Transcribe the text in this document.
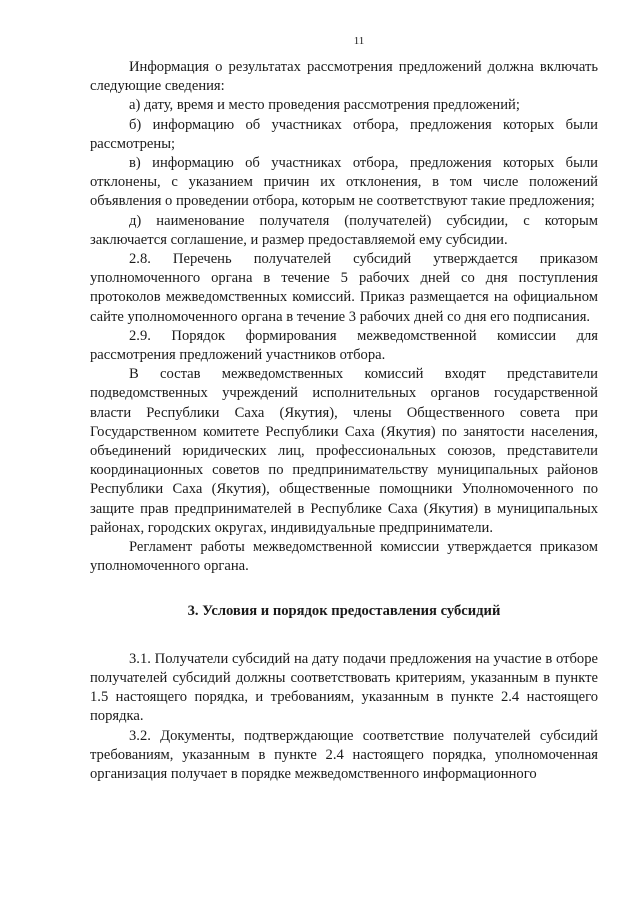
11

Информация о результатах рассмотрения предложений должна включать следующие сведения:

а) дату, время и место проведения рассмотрения предложений;

б) информацию об участниках отбора, предложения которых были рассмотрены;

в) информацию об участниках отбора, предложения которых были отклонены, с указанием причин их отклонения, в том числе положений объявления о проведении отбора, которым не соответствуют такие предложения;

д) наименование получателя (получателей) субсидии, с которым заключается соглашение, и размер предоставляемой ему субсидии.

2.8. Перечень получателей субсидий утверждается приказом уполномоченного органа в течение 5 рабочих дней со дня поступления протоколов межведомственных комиссий. Приказ размещается на официальном сайте уполномоченного органа в течение 3 рабочих дней со дня его подписания.

2.9. Порядок формирования межведомственной комиссии для рассмотрения предложений участников отбора.

В состав межведомственных комиссий входят представители подведомственных учреждений исполнительных органов государственной власти Республики Саха (Якутия), члены Общественного совета при Государственном комитете Республики Саха (Якутия) по занятости населения, объединений юридических лиц, профессиональных союзов, представители координационных советов по предпринимательству муниципальных районов Республики Саха (Якутия), общественные помощники Уполномоченного по защите прав предпринимателей в Республике Саха (Якутия) в муниципальных районах, городских округах, индивидуальные предприниматели.

Регламент работы межведомственной комиссии утверждается приказом уполномоченного органа.

3. Условия и порядок предоставления субсидий

3.1. Получатели субсидий на дату подачи предложения на участие в отборе получателей субсидий должны соответствовать критериям, указанным в пункте 1.5 настоящего порядка, и требованиям, указанным в пункте 2.4 настоящего порядка.

3.2. Документы, подтверждающие соответствие получателей субсидий требованиям, указанным в пункте 2.4 настоящего порядка, уполномоченная организация получает в порядке межведомственного информационного
